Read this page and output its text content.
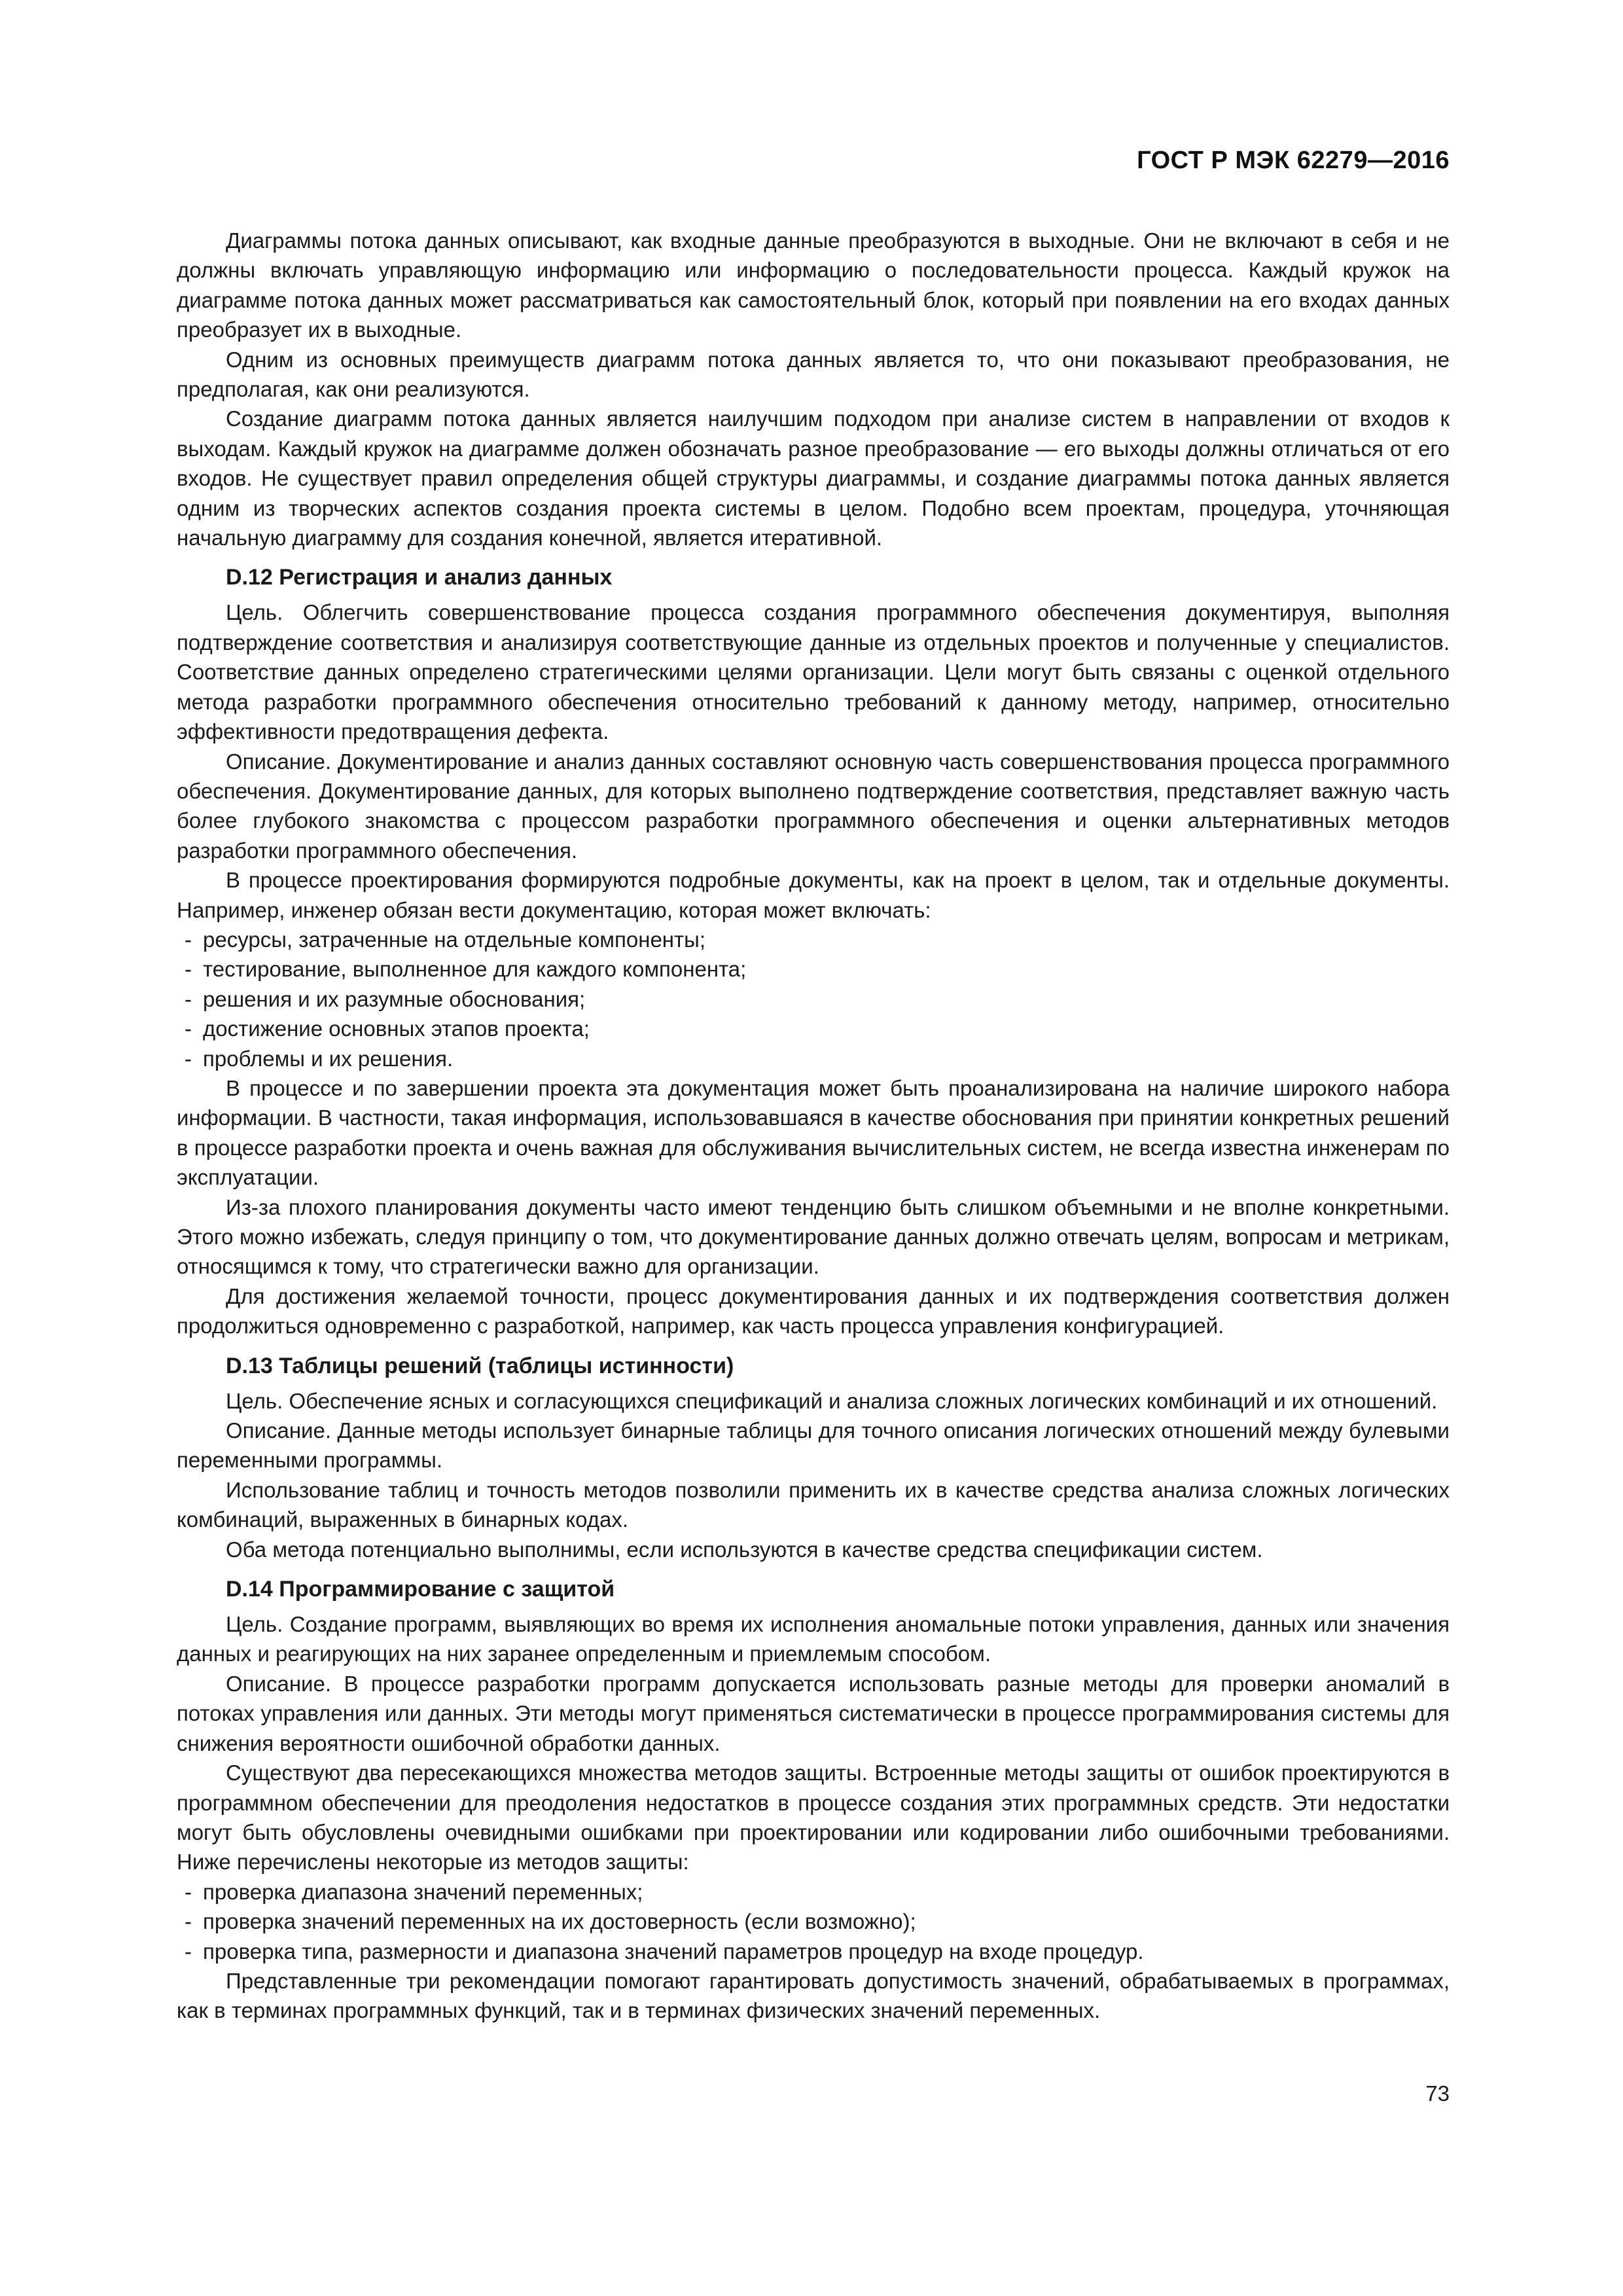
ГОСТ Р МЭК 62279—2016

Диаграммы потока данных описывают, как входные данные преобразуются в выходные. Они не включают в себя и не должны включать управляющую информацию или информацию о последовательности процесса. Каждый кружок на диаграмме потока данных может рассматриваться как самостоятельный блок, который при появлении на его входах данных преобразует их в выходные.

Одним из основных преимуществ диаграмм потока данных является то, что они показывают преобразования, не предполагая, как они реализуются.

Создание диаграмм потока данных является наилучшим подходом при анализе систем в направлении от входов к выходам. Каждый кружок на диаграмме должен обозначать разное преобразование — его выходы должны отличаться от его входов. Не существует правил определения общей структуры диаграммы, и создание диаграммы потока данных является одним из творческих аспектов создания проекта системы в целом. Подобно всем проектам, процедура, уточняющая начальную диаграмму для создания конечной, является итеративной.

D.12 Регистрация и анализ данных

Цель. Облегчить совершенствование процесса создания программного обеспечения документируя, выполняя подтверждение соответствия и анализируя соответствующие данные из отдельных проектов и полученные у специалистов. Соответствие данных определено стратегическими целями организации. Цели могут быть связаны с оценкой отдельного метода разработки программного обеспечения относительно требований к данному методу, например, относительно эффективности предотвращения дефекта.

Описание. Документирование и анализ данных составляют основную часть совершенствования процесса программного обеспечения. Документирование данных, для которых выполнено подтверждение соответствия, представляет важную часть более глубокого знакомства с процессом разработки программного обеспечения и оценки альтернативных методов разработки программного обеспечения.

В процессе проектирования формируются подробные документы, как на проект в целом, так и отдельные документы. Например, инженер обязан вести документацию, которая может включать:

- ресурсы, затраченные на отдельные компоненты;
- тестирование, выполненное для каждого компонента;
- решения и их разумные обоснования;
- достижение основных этапов проекта;
- проблемы и их решения.

В процессе и по завершении проекта эта документация может быть проанализирована на наличие широкого набора информации. В частности, такая информация, использовавшаяся в качестве обоснования при принятии конкретных решений в процессе разработки проекта и очень важная для обслуживания вычислительных систем, не всегда известна инженерам по эксплуатации.

Из-за плохого планирования документы часто имеют тенденцию быть слишком объемными и не вполне конкретными. Этого можно избежать, следуя принципу о том, что документирование данных должно отвечать целям, вопросам и метрикам, относящимся к тому, что стратегически важно для организации.

Для достижения желаемой точности, процесс документирования данных и их подтверждения соответствия должен продолжиться одновременно с разработкой, например, как часть процесса управления конфигурацией.

D.13 Таблицы решений (таблицы истинности)

Цель. Обеспечение ясных и согласующихся спецификаций и анализа сложных логических комбинаций и их отношений.

Описание. Данные методы использует бинарные таблицы для точного описания логических отношений между булевыми переменными программы.

Использование таблиц и точность методов позволили применить их в качестве средства анализа сложных логических комбинаций, выраженных в бинарных кодах.

Оба метода потенциально выполнимы, если используются в качестве средства спецификации систем.

D.14 Программирование с защитой

Цель. Создание программ, выявляющих во время их исполнения аномальные потоки управления, данных или значения данных и реагирующих на них заранее определенным и приемлемым способом.

Описание. В процессе разработки программ допускается использовать разные методы для проверки аномалий в потоках управления или данных. Эти методы могут применяться систематически в процессе программирования системы для снижения вероятности ошибочной обработки данных.

Существуют два пересекающихся множества методов защиты. Встроенные методы защиты от ошибок проектируются в программном обеспечении для преодоления недостатков в процессе создания этих программных средств. Эти недостатки могут быть обусловлены очевидными ошибками при проектировании или кодировании либо ошибочными требованиями. Ниже перечислены некоторые из методов защиты:

- проверка диапазона значений переменных;
- проверка значений переменных на их достоверность (если возможно);
- проверка типа, размерности и диапазона значений параметров процедур на входе процедур.

Представленные три рекомендации помогают гарантировать допустимость значений, обрабатываемых в программах, как в терминах программных функций, так и в терминах физических значений переменных.

73
